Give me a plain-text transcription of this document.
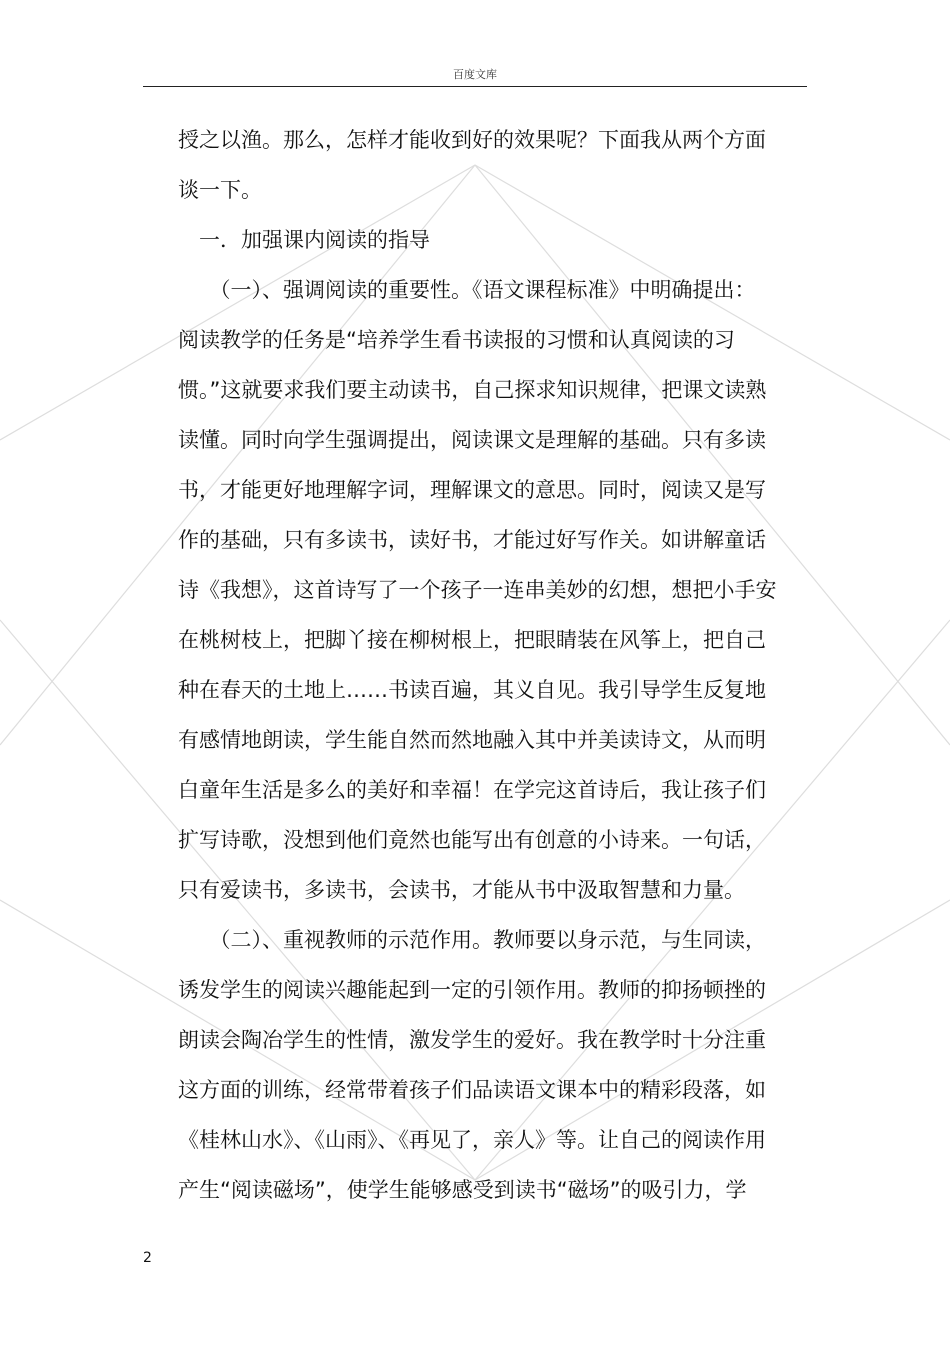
百度文库
授之以渔。那么，怎样才能收到好的效果呢？下面我从两个方面
谈一下。
　一．加强课内阅读的指导
　　（一）、强调阅读的重要性。《语文课程标准》中明确提出：
阅读教学的任务是“培养学生看书读报的习惯和认真阅读的习
惯。”这就要求我们要主动读书，自己探求知识规律，把课文读熟
读懂。同时向学生强调提出，阅读课文是理解的基础。只有多读
书，才能更好地理解字词，理解课文的意思。同时，阅读又是写
作的基础，只有多读书，读好书，才能过好写作关。如讲解童话
诗《我想》，这首诗写了一个孩子一连串美妙的幻想，想把小手安
在桃树枝上，把脚丫接在柳树根上，把眼睛装在风筝上，把自己
种在春天的土地上……书读百遍，其义自见。我引导学生反复地
有感情地朗读，学生能自然而然地融入其中并美读诗文，从而明
白童年生活是多么的美好和幸福！在学完这首诗后，我让孩子们
扩写诗歌，没想到他们竟然也能写出有创意的小诗来。一句话，
只有爱读书，多读书，会读书，才能从书中汲取智慧和力量。
　　（二）、重视教师的示范作用。教师要以身示范，与生同读，
诱发学生的阅读兴趣能起到一定的引领作用。教师的抑扬顿挫的
朗读会陶冶学生的性情，激发学生的爱好。我在教学时十分注重
这方面的训练，经常带着孩子们品读语文课本中的精彩段落，如
《桂林山水》、《山雨》、《再见了，亲人》等。让自己的阅读作用
产生“阅读磁场”，使学生能够感受到读书“磁场”的吸引力，学
2
